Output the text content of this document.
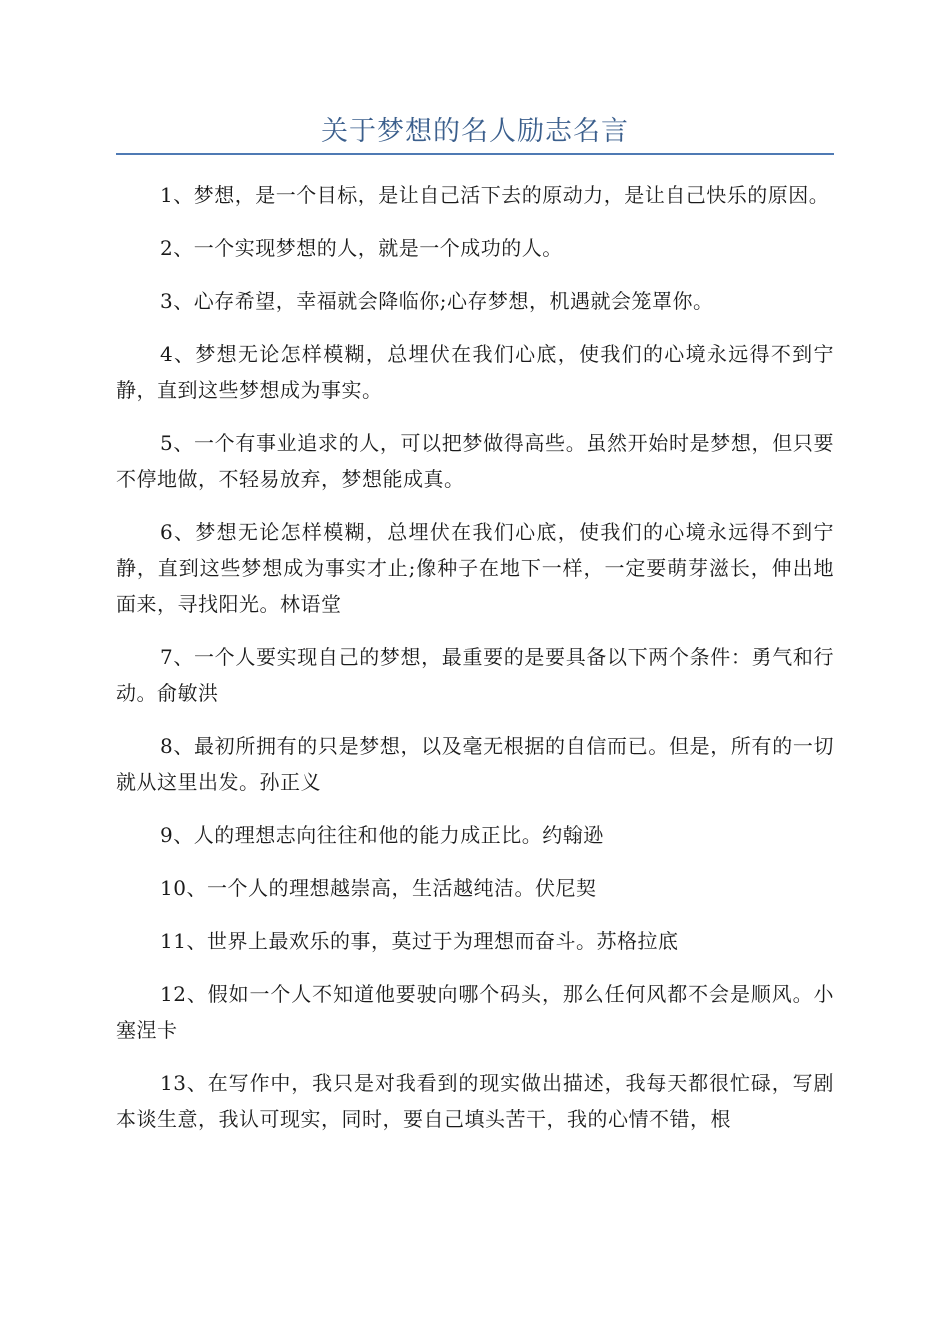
关于梦想的名人励志名言

1、梦想，是一个目标，是让自己活下去的原动力，是让自己快乐的原因。

2、一个实现梦想的人，就是一个成功的人。

3、心存希望，幸福就会降临你;心存梦想，机遇就会笼罩你。

4、梦想无论怎样模糊，总埋伏在我们心底，使我们的心境永远得不到宁静，直到这些梦想成为事实。

5、一个有事业追求的人，可以把梦做得高些。虽然开始时是梦想，但只要不停地做，不轻易放弃，梦想能成真。

6、梦想无论怎样模糊，总埋伏在我们心底，使我们的心境永远得不到宁静，直到这些梦想成为事实才止;像种子在地下一样，一定要萌芽滋长，伸出地面来，寻找阳光。林语堂

7、一个人要实现自己的梦想，最重要的是要具备以下两个条件：勇气和行动。俞敏洪

8、最初所拥有的只是梦想，以及毫无根据的自信而已。但是，所有的一切就从这里出发。孙正义

9、人的理想志向往往和他的能力成正比。约翰逊

10、一个人的理想越崇高，生活越纯洁。伏尼契

11、世界上最欢乐的事，莫过于为理想而奋斗。苏格拉底

12、假如一个人不知道他要驶向哪个码头，那么任何风都不会是顺风。小塞涅卡

13、在写作中，我只是对我看到的现实做出描述，我每天都很忙碌，写剧本谈生意，我认可现实，同时，要自己填头苦干，我的心情不错，根
